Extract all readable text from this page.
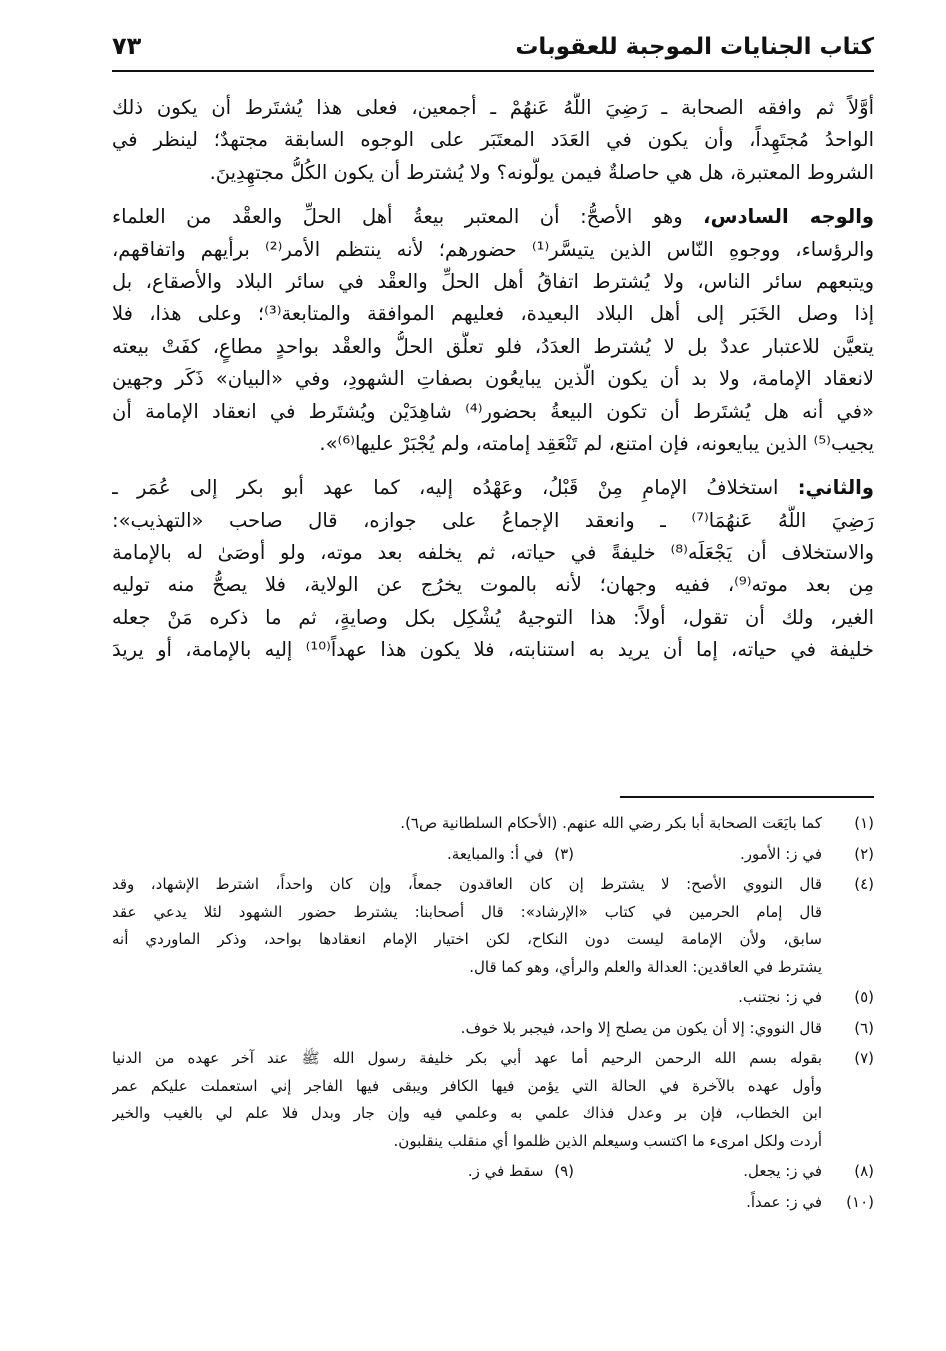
كتاب الجنايات الموجبة للعقوبات
٧٣
أوَّلاً ثم وافقه الصحابة ـ رَضِيَ اللَّهُ عَنهُمْ ـ أجمعين، فعلى هذا يُشتَرط أن يكون ذلك
الواحدُ مُجتَهِداً، وأن يكون في العَدَد المعتَبَر على الوجوه السابقة مجتهدٌ؛ لينظر في
الشروط المعتبرة، هل هي حاصلةٌ فيمن يولُّونه؟ ولا يُشترط أن يكون الكُلُّ مجتهِدِينَ.
والوجه السادس، وهو الأصحُّ: أن المعتبر بيعةُ أهل الحلِّ والعقْد من العلماء
والرؤساء، ووجوهِ النّاس الذين يتيسَّر⁽¹⁾ حضورهم؛ لأنه ينتظم الأمر⁽²⁾ برأيهم واتفاقهم،
ويتبعهم سائر الناس، ولا يُشترط اتفاقُ أهل الحلِّ والعقْد في سائر البلاد والأصقاع، بل
إذا وصل الخَبَر إلى أهل البلاد البعيدة، فعليهم الموافقة والمتابعة⁽³⁾؛ وعلى هذا، فلا
يتعيَّن للاعتبار عددٌ بل لا يُشترط العدَدُ، فلو تعلَّق الحلُّ والعقْد بواحدٍ مطاعٍ، كفَتْ بيعته
لانعقاد الإمامة، ولا بد أن يكون الَّذين يبايعُون بصفاتِ الشهودِ، وفي «البيان» ذَكَر وجهين
«في أنه هل يُشتَرط أن تكون البيعةُ بحضور⁽⁴⁾ شاهِدَيْن ويُشتَرط في انعقاد الإمامة أن
يجيب⁽⁵⁾ الذين يبايعونه، فإن امتنع، لم تَنْعَقِد إمامته، ولم يُجْبَرْ عليها⁽⁶⁾».
والثاني: استخلافُ الإمامِ مِنْ قَبْلُ، وعَهْدُه إليه، كما عهد أبو بكر إلى عُمَر ـ
رَضِيَ اللَّهُ عَنهُمَا⁽⁷⁾ ـ وانعقد الإجماعُ على جوازه، قال صاحب «التهذيب»:
والاستخلاف أن يَجْعَلَه⁽⁸⁾ خليفةً في حياته، ثم يخلفه بعد موته، ولو أوصَىٰ له بالإمامة
مِن بعد موته⁽⁹⁾، ففيه وجهان؛ لأنه بالموت يخرُج عن الولاية، فلا يصحُّ منه توليه
الغير، ولك أن تقول، أولاً: هذا التوجيهُ يُشْكِل بكل وصايةٍ، ثم ما ذكره مَنْ جعله
خليفة في حياته، إما أن يريد به استنابته، فلا يكون هذا عهداً⁽¹⁰⁾ إليه بالإمامة، أو يريدَ
(١)
كما بايَعَت الصحابة أبا بكر رضي الله عنهم. (الأحكام السلطانية ص٦).
(٢)
في ز: الأمور.
(٣) في أ: والمبايعة.
(٤)
قال النووي الأصح: لا يشترط إن كان العاقدون جمعاً، وإن كان واحداً، اشترط الإشهاد، وقد
قال إمام الحرمين في كتاب «الإرشاد»: قال أصحابنا: يشترط حضور الشهود لئلا يدعي عقد
سابق، ولأن الإمامة ليست دون النكاح، لكن اختيار الإمام انعقادها بواحد، وذكر الماوردي أنه
يشترط في العاقدين: العدالة والعلم والرأي، وهو كما قال.
(٥)
في ز: نجتنب.
(٦)
قال النووي: إلا أن يكون من يصلح إلا واحد، فيجبر بلا خوف.
(٧)
بقوله بسم الله الرحمن الرحيم أما عهد أبي بكر خليفة رسول الله ﷺ عند آخر عهده من الدنيا
وأول عهده بالآخرة في الحالة التي يؤمن فيها الكافر ويبقى فيها الفاجر إني استعملت عليكم عمر
ابن الخطاب، فإن بر وعدل فذاك علمي به وعلمي فيه وإن جار وبدل فلا علم لي بالغيب والخير
أردت ولكل امرىء ما اكتسب وسيعلم الذين ظلموا أي منقلب ينقلبون.
(٨)
في ز: يجعل.
(٩) سقط في ز.
(١٠)
في ز: عمداً.
